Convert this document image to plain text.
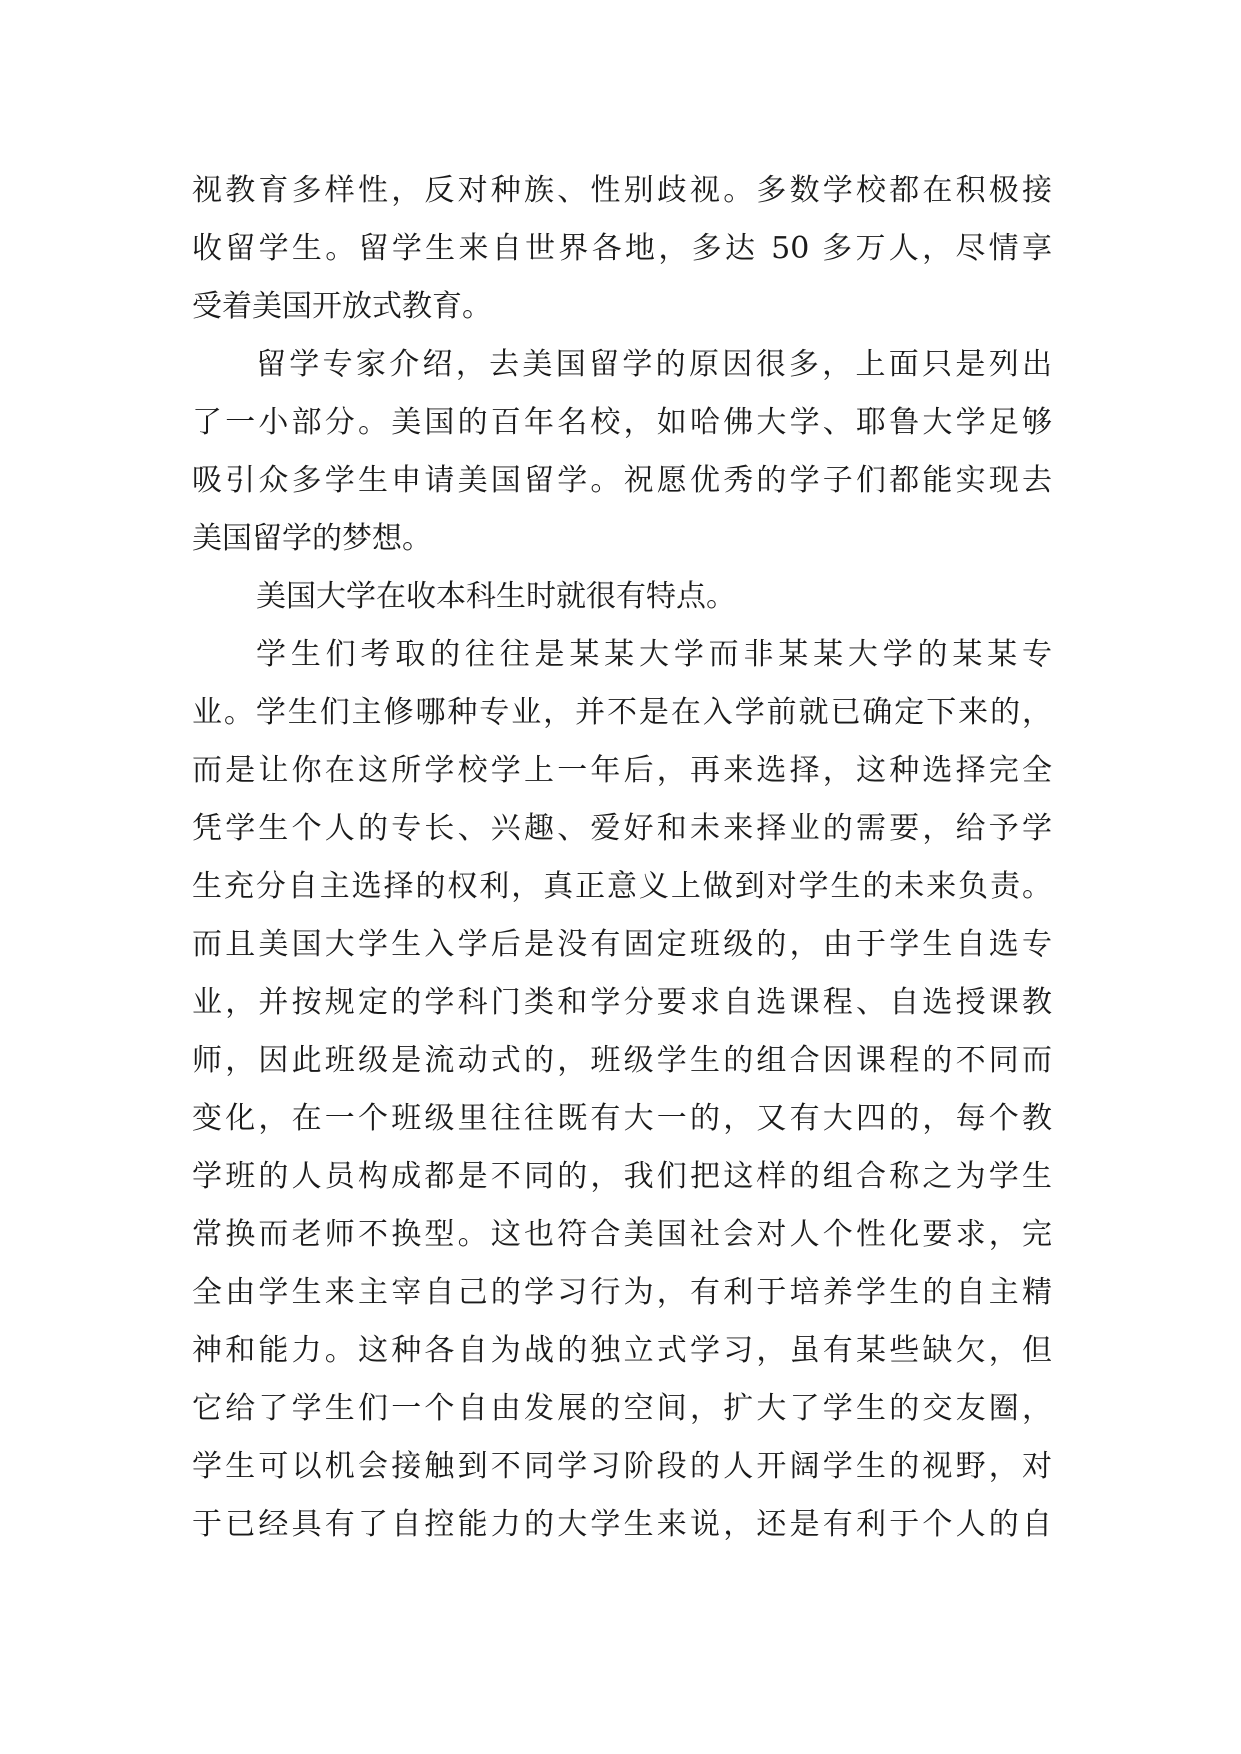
视教育多样性，反对种族、性别歧视。多数学校都在积极接
收留学生。留学生来自世界各地，多达 50 多万人，尽情享
受着美国开放式教育。
留学专家介绍，去美国留学的原因很多，上面只是列出
了一小部分。美国的百年名校，如哈佛大学、耶鲁大学足够
吸引众多学生申请美国留学。祝愿优秀的学子们都能实现去
美国留学的梦想。
美国大学在收本科生时就很有特点。
学生们考取的往往是某某大学而非某某大学的某某专
业。学生们主修哪种专业，并不是在入学前就已确定下来的，
而是让你在这所学校学上一年后，再来选择，这种选择完全
凭学生个人的专长、兴趣、爱好和未来择业的需要，给予学
生充分自主选择的权利，真正意义上做到对学生的未来负责。
而且美国大学生入学后是没有固定班级的，由于学生自选专
业，并按规定的学科门类和学分要求自选课程、自选授课教
师，因此班级是流动式的，班级学生的组合因课程的不同而
变化，在一个班级里往往既有大一的，又有大四的，每个教
学班的人员构成都是不同的，我们把这样的组合称之为学生
常换而老师不换型。这也符合美国社会对人个性化要求，完
全由学生来主宰自己的学习行为，有利于培养学生的自主精
神和能力。这种各自为战的独立式学习，虽有某些缺欠，但
它给了学生们一个自由发展的空间，扩大了学生的交友圈，
学生可以机会接触到不同学习阶段的人开阔学生的视野，对
于已经具有了自控能力的大学生来说，还是有利于个人的自
